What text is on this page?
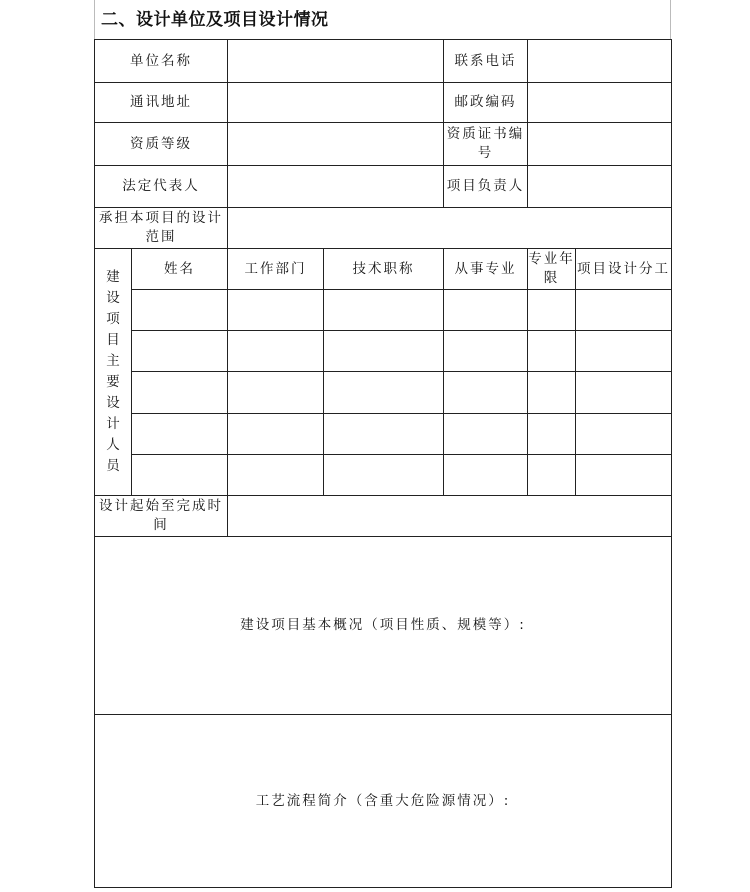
二、设计单位及项目设计情况
单位名称				联系电话		
通讯地址				邮政编码		
资质等级				资质证书编号		
法定代表人				项目负责人		
承担本项目的设计范围						

建设项目主要设计人员	姓名	工作部门	技术职称	从事专业	专业年限	项目设计分工

设计起始至完成时间						
建设项目基本概况（项目性质、规模等）:						
工艺流程简介（含重大危险源情况）:						
